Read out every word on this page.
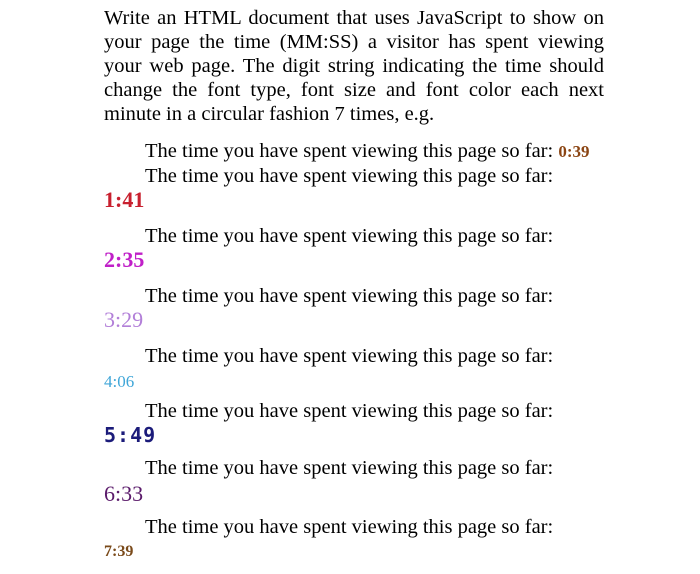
Write an HTML document that uses JavaScript to show on your page the time (MM:SS) a visitor has spent viewing your web page. The digit string indicating the time should change the font type, font size and font color each next minute in a circular fashion 7 times, e.g.

The time you have spent viewing this page so far: 0:39

The time you have spent viewing this page so far:

1:41

The time you have spent viewing this page so far:

2:35

The time you have spent viewing this page so far:

3:29

The time you have spent viewing this page so far:

4:06

The time you have spent viewing this page so far:

5:49

The time you have spent viewing this page so far:

6:33

The time you have spent viewing this page so far:

7:39
